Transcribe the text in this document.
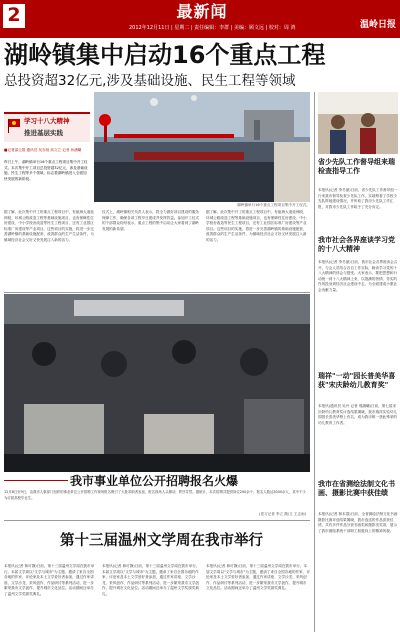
2	最新闻
2012年12月11日 | 星期二 | 责任编辑：李群 | 美编：顾文远 | 校对：周 鸿	温岭日报
湖岭镇集中启动16个重点工程
总投资超32亿元,涉及基础设施、民生工程等领域
学习十八大精神
推进基层实践
■记者邵云翔 通讯员 吴亦扬 高文立 记者 孙涵曦
昨日上午，湖岭镇举行16个重点工程项目集中开工仪式。本次集中开工项目总投资超32亿元，涉及基础设施、民生工程等多个领域，标志着湖岭镇进入全面加快发展的新阶段。
湖岭镇举行16个重点工程项目集中开工仪式。
据了解，此次集中开工的重点工程项目中，有瓯海大道延伸段、环城公路改造工程等基础设施项目，也有保障性住房建设、中小学校舍改造等民生工程项目，还有工业园区标准厂房建设等产业项目。这些项目的实施，将进一步完善湖岭镇的基础设施配套，改善群众的生产生活条件，为镇域经济社会又好又快发展注入新的活力。
仪式上，湖岭镇相关负责人表示，将全力做好项目建设的服务保障工作，确保各项工程早日建成并发挥效益。参加开工仪式的干部群众纷纷表示，重点工程的集中启动让大家看到了湖岭发展的新希望。
据了解，此次集中开工的重点工程项目中，有瓯海大道延伸段、环城公路改造工程等基础设施项目，也有保障性住房建设、中小学校舍改造等民生工程项目，还有工业园区标准厂房建设等产业项目。这些项目的实施，将进一步完善湖岭镇的基础设施配套，改善群众的生产生活条件，为镇域经济社会又好又快发展注入新的活力。
我市事业单位公开招聘报名火爆
12月8日至9日，由我市人事部门组织的事业单位公开招聘工作现场报名吸引了大批求职者参加，报名现场人头攒动，秩序井然。据统计，本次招聘共提供岗位200余个，报名人数达3000余人，其中不少为应届高校毕业生。
(见习记者 李立 摄/文 王志雨)
第十三届温州文学周在我市举行
本报讯(记者 林可静)日前，第十三届温州文学周在我市举行。本届文学周以"文学与城市"为主题，邀请了来自全国各地的作家、评论家及本土文学爱好者参加，通过作家讲座、文学沙龙、采风创作、作品研讨等系列活动，进一步繁荣我市文学创作，提升城市文化品位。活动期间还举办了温州文学奖颁奖典礼。
本报讯(记者 林可静)日前，第十三届温州文学周在我市举行。本届文学周以"文学与城市"为主题，邀请了来自全国各地的作家、评论家及本土文学爱好者参加，通过作家讲座、文学沙龙、采风创作、作品研讨等系列活动，进一步繁荣我市文学创作，提升城市文化品位。活动期间还举办了温州文学奖颁奖典礼。
本报讯(记者 林可静)日前，第十三届温州文学周在我市举行。本届文学周以"文学与城市"为主题，邀请了来自全国各地的作家、评论家及本土文学爱好者参加，通过作家讲座、文学沙龙、采风创作、作品研讨等系列活动，进一步繁荣我市文学创作，提升城市文化品位。活动期间还举办了温州文学奖颁奖典礼。
省少先队工作督导组来瑞检查指导工作
本报讯(记者 李冬丽)日前，省少先队工作督导组一行来我市督导检查少先队工作，实地察看了学校少先队阵地建设情况，并听取了我市少先队工作汇报，对我市少先队工作给予了充分肯定。
我市社会各界座谈学习党的十八大精神
本报讯(记者 李冬丽)日前，我市社会各界座谈会召开，与会人员结合各自工作实际，畅谈学习党的十八大精神的体会与感受。大家表示，要把思想和行动统一到十八大精神上来，以饱满的热情、务实的作风投身到经济社会建设中去，为全面建成小康社会贡献力量。
瑞祥"一动"园长普美华喜获"宋庆龄幼儿教育奖"
本报讯(通讯员 吴丹 记者 邢涵曦)日前，第七届宋庆龄幼儿教育奖评选结果揭晓，我市瑞祥实验幼儿园园长普美华榜上有名，成为我市唯一获此殊荣的幼儿教育工作者。
我市在省测绘法制文化书画、摄影比赛中获佳绩
本报讯(记者 林本慕)日前，全省测绘法制文化书画摄影比赛评选结果揭晓，我市选送的作品喜获佳绩，共有多件作品分获书画类和摄影类奖项，展示了我市测绘系统干部职工积极向上的精神风貌。
